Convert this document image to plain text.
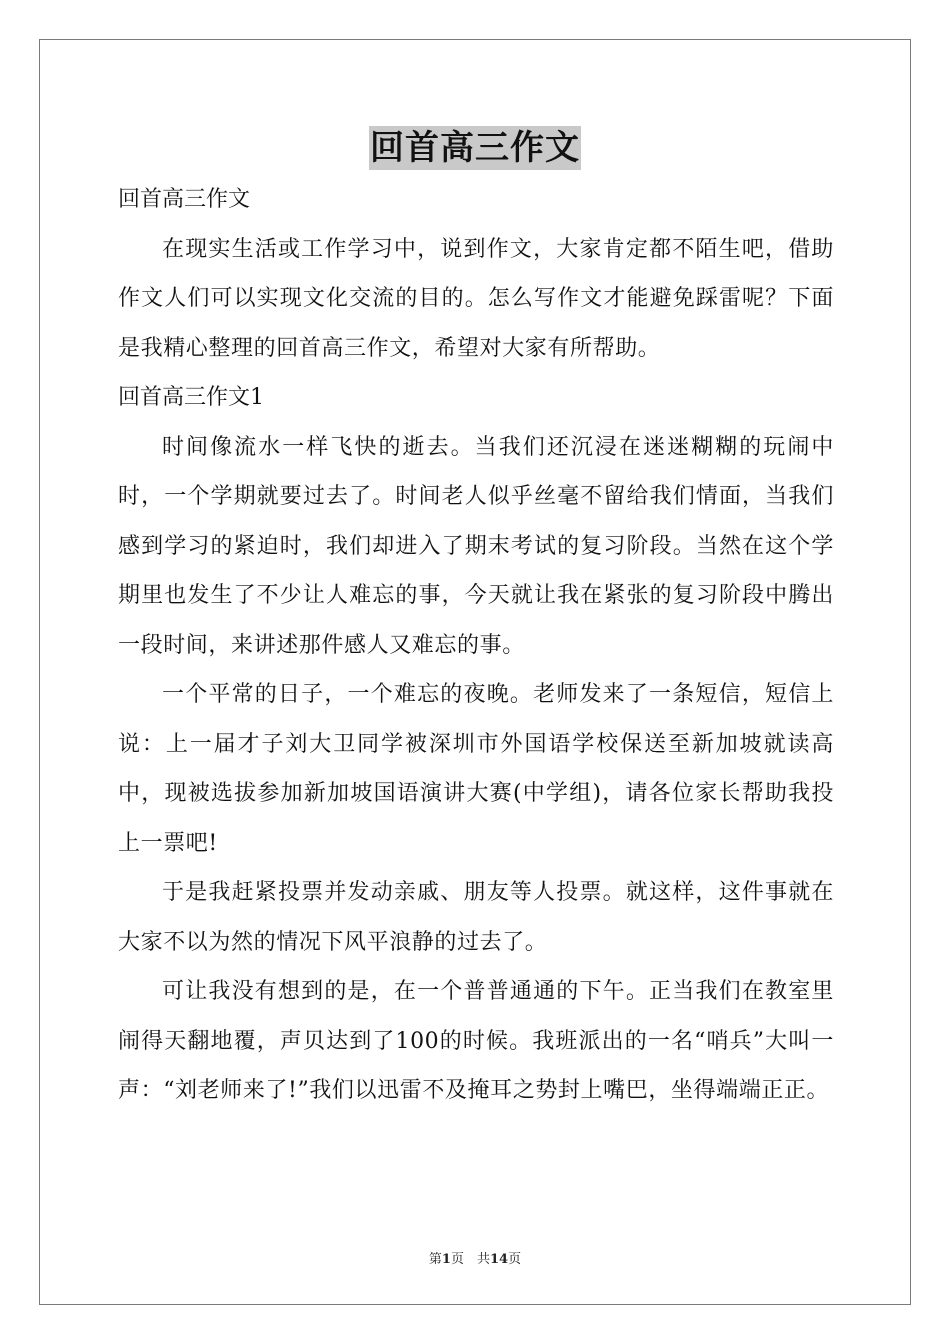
回首高三作文
回首高三作文
在现实生活或工作学习中，说到作文，大家肯定都不陌生吧，借助作文人们可以实现文化交流的目的。怎么写作文才能避免踩雷呢？下面是我精心整理的回首高三作文，希望对大家有所帮助。
回首高三作文1
时间像流水一样飞快的逝去。当我们还沉浸在迷迷糊糊的玩闹中时，一个学期就要过去了。时间老人似乎丝毫不留给我们情面，当我们感到学习的紧迫时，我们却进入了期末考试的复习阶段。当然在这个学期里也发生了不少让人难忘的事，今天就让我在紧张的复习阶段中腾出一段时间，来讲述那件感人又难忘的事。
一个平常的日子，一个难忘的夜晚。老师发来了一条短信，短信上说：上一届才子刘大卫同学被深圳市外国语学校保送至新加坡就读高中，现被选拔参加新加坡国语演讲大赛(中学组)，请各位家长帮助我投上一票吧!
于是我赶紧投票并发动亲戚、朋友等人投票。就这样，这件事就在大家不以为然的情况下风平浪静的过去了。
可让我没有想到的是，在一个普普通通的下午。正当我们在教室里闹得天翻地覆，声贝达到了100的时候。我班派出的一名“哨兵”大叫一声：“刘老师来了!”我们以迅雷不及掩耳之势封上嘴巴，坐得端端正正。
第1页　共14页
